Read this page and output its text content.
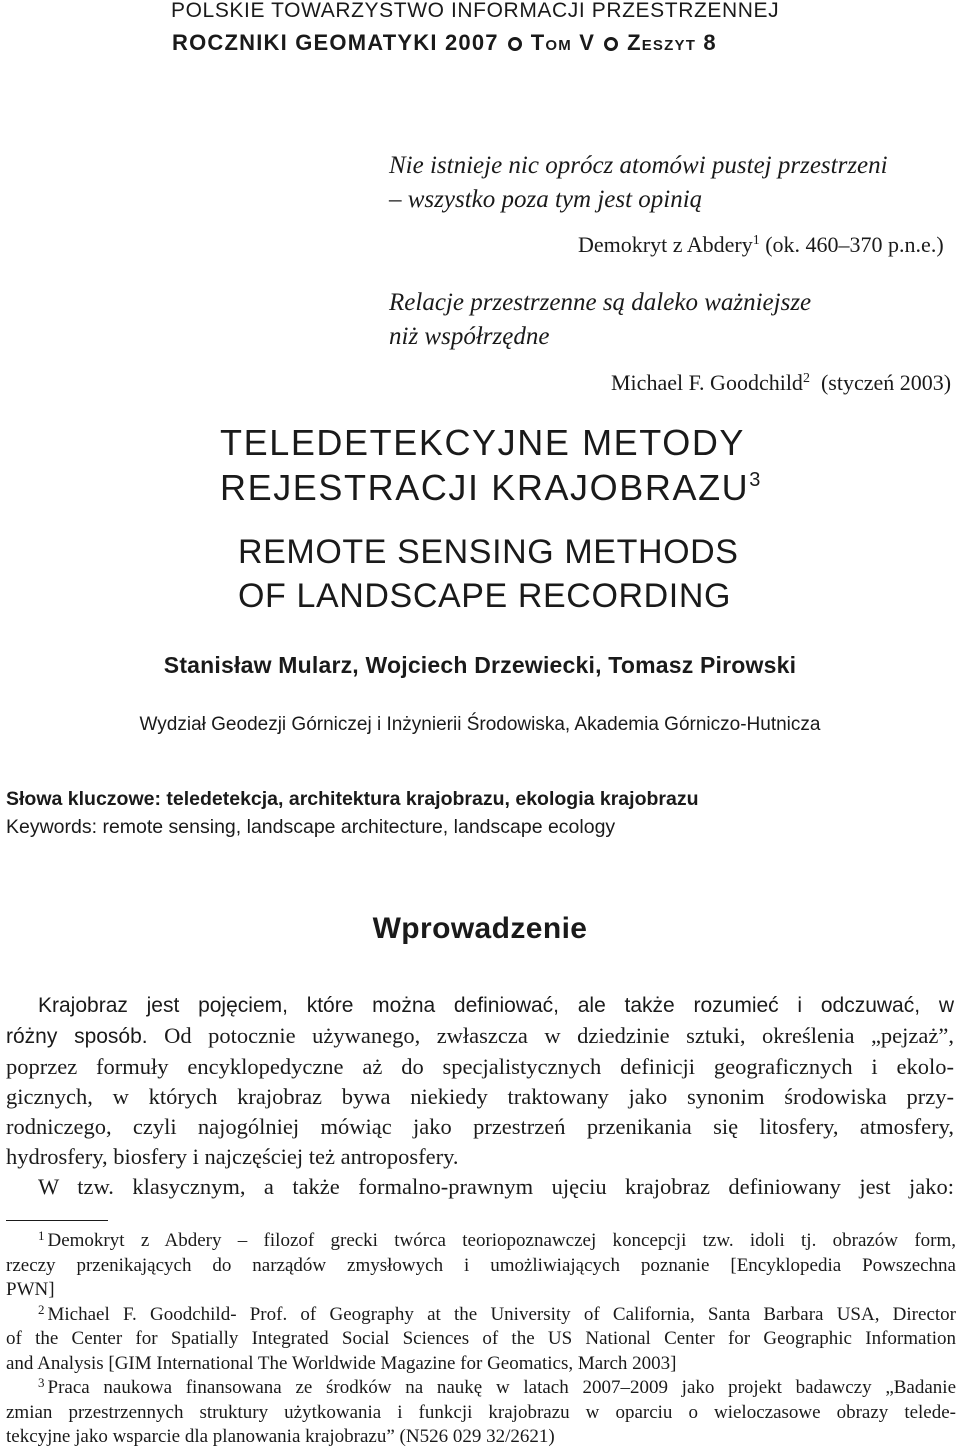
POLSKIE TOWARZYSTWO INFORMACJI PRZESTRZENNEJ
ROCZNIKI GEOMATYKI 2007 Tom V Zeszyt 8
Nie istnieje nic oprócz atomówi pustej przestrzeni
– wszystko poza tym jest opinią
Demokryt z Abdery$^1$ (ok. 460–370 p.n.e.)
Relacje przestrzenne są daleko ważniejsze
niż współrzędne
Michael F. Goodchild$^2$ (styczeń 2003)
TELEDETEKCYJNE METODY
REJESTRACJI KRAJOBRAZU$^3$
REMOTE SENSING METHODS
OF LANDSCAPE RECORDING
Stanisław Mularz, Wojciech Drzewiecki, Tomasz Pirowski
Wydział Geodezji Górniczej i Inżynierii Środowiska, Akademia Górniczo-Hutnicza
Słowa kluczowe: teledetekcja, architektura krajobrazu, ekologia krajobrazu
Keywords: remote sensing, landscape architecture, landscape ecology
Wprowadzenie
Krajobraz jest pojęciem, które można definiować, ale także rozumieć i odczuwać, w
różny sposób. Od potocznie używanego, zwłaszcza w dziedzinie sztuki, określenia „pejzaż”,
poprzez formuły encyklopedyczne aż do specjalistycznych definicji geograficznych i ekolo-
gicznych, w których krajobraz bywa niekiedy traktowany jako synonim środowiska przy-
rodniczego, czyli najogólniej mówiąc jako przestrzeń przenikania się litosfery, atmosfery,
hydrosfery, biosfery i najczęściej też antroposfery.
W tzw. klasycznym, a także formalno-prawnym ujęciu krajobraz definiowany jest jako:
$^1$ Demokryt z Abdery – filozof grecki twórca teoriopoznawczej koncepcji tzw. idoli tj. obrazów form,
rzeczy przenikających do narządów zmysłowych i umożliwiających poznanie [Encyklopedia Powszechna
PWN]
$^2$ Michael F. Goodchild- Prof. of Geography at the University of California, Santa Barbara USA, Director
of the Center for Spatially Integrated Social Sciences of the US National Center for Geographic Information
and Analysis [GIM International The Worldwide Magazine for Geomatics, March 2003]
$^3$ Praca naukowa finansowana ze środków na naukę w latach 2007–2009 jako projekt badawczy „Badanie
zmian przestrzennych struktury użytkowania i funkcji krajobrazu w oparciu o wieloczasowe obrazy telede-
tekcyjne jako wsparcie dla planowania krajobrazu” (N526 029 32/2621)
